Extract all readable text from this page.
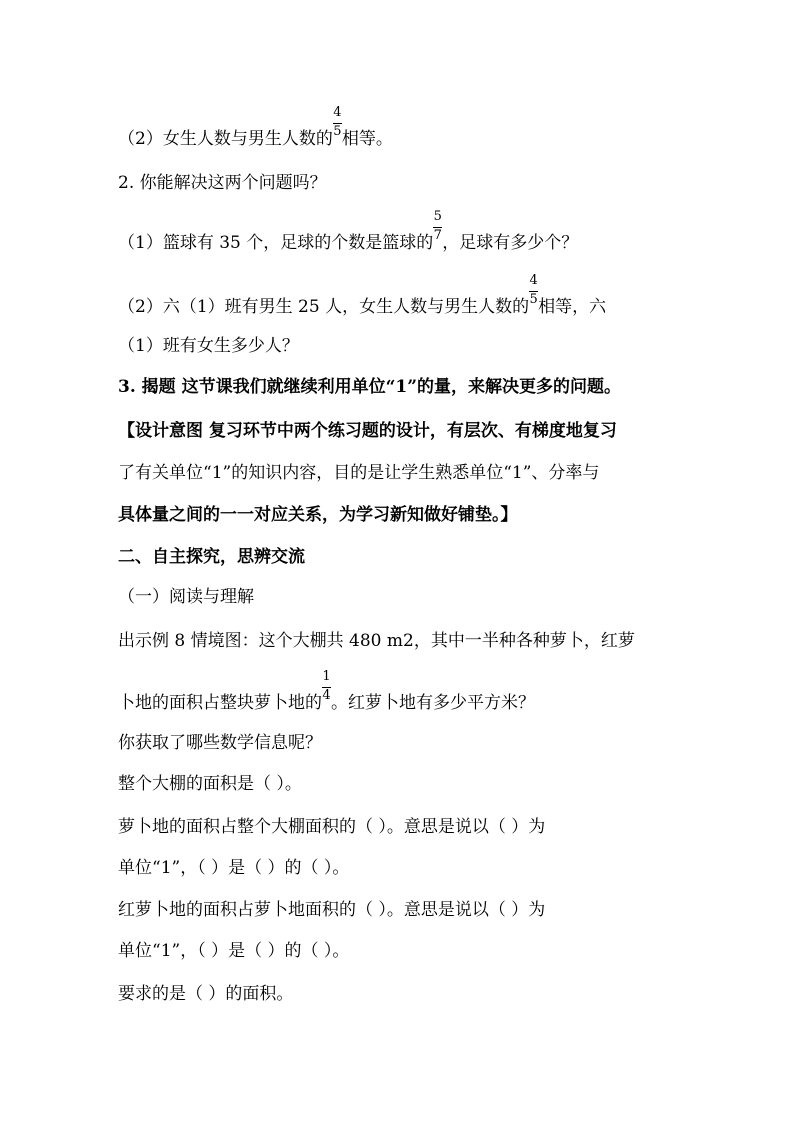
（2）女生人数与男生人数的 $\frac{4}{5}$ 相等。
2. 你能解决这两个问题吗？
（1）篮球有 35 个，足球的个数是篮球的 $\frac{5}{7}$ ，足球有多少个？
（2）六（1）班有男生 25 人，女生人数与男生人数的 $\frac{4}{5}$ 相等，六
（1）班有女生多少人？
3. 揭题 这节课我们就继续利用单位“1”的量，来解决更多的问题。
【设计意图 复习环节中两个练习题的设计，有层次、有梯度地复习
了有关单位“1”的知识内容，目的是让学生熟悉单位“1”、分率与
具体量之间的一一对应关系，为学习新知做好铺垫。】
二、自主探究，思辨交流
（一）阅读与理解
出示例 8 情境图：这个大棚共 480 m2，其中一半种各种萝卜，红萝
卜地的面积占整块萝卜地的 $\frac{1}{4}$ 。红萝卜地有多少平方米？
你获取了哪些数学信息呢？
整个大棚的面积是（ ）。
萝卜地的面积占整个大棚面积的（ ）。意思是说以（ ）为
单位“1”，（ ）是（ ）的（ ）。
红萝卜地的面积占萝卜地面积的（ ）。意思是说以（ ）为
单位“1”，（ ）是（ ）的（ ）。
要求的是（ ）的面积。
